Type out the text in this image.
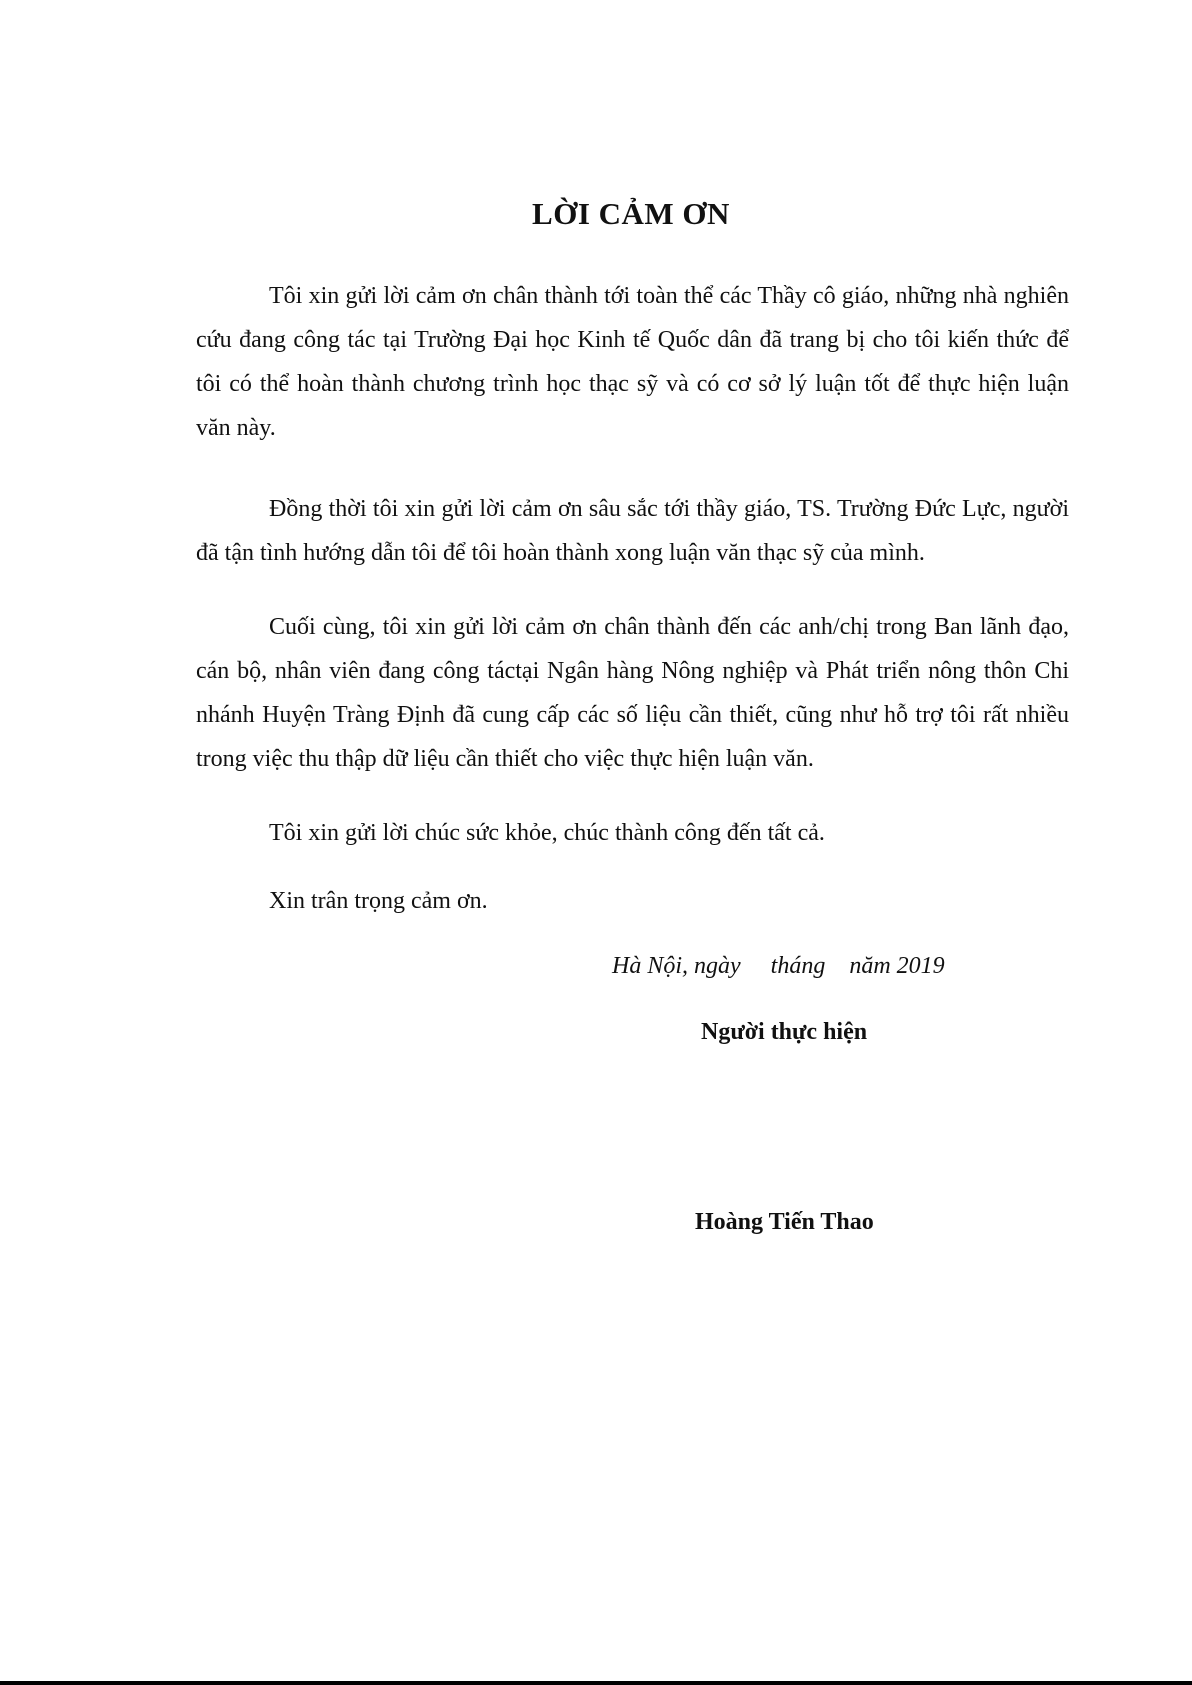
LỜI CẢM ƠN

Tôi xin gửi lời cảm ơn chân thành tới toàn thể các Thầy cô giáo, những nhà nghiên cứu đang công tác tại Trường Đại học Kinh tế Quốc dân đã trang bị cho tôi kiến thức để tôi có thể hoàn thành chương trình học thạc sỹ và có cơ sở lý luận tốt để thực hiện luận văn này.

Đồng thời tôi xin gửi lời cảm ơn sâu sắc tới thầy giáo, TS. Trường Đức Lực, người đã tận tình hướng dẫn tôi để tôi hoàn thành xong luận văn thạc sỹ của mình.

Cuối cùng, tôi xin gửi lời cảm ơn chân thành đến các anh/chị trong Ban lãnh đạo, cán bộ, nhân viên đang công táctại Ngân hàng Nông nghiệp và Phát triển nông thôn Chi nhánh Huyện Tràng Định đã cung cấp các số liệu cần thiết, cũng như hỗ trợ tôi rất nhiều trong việc thu thập dữ liệu cần thiết cho việc thực hiện luận văn.

Tôi xin gửi lời chúc sức khỏe, chúc thành công đến tất cả.

Xin trân trọng cảm ơn.

Hà Nội, ngày     tháng    năm 2019

Người thực hiện

Hoàng Tiến Thao
